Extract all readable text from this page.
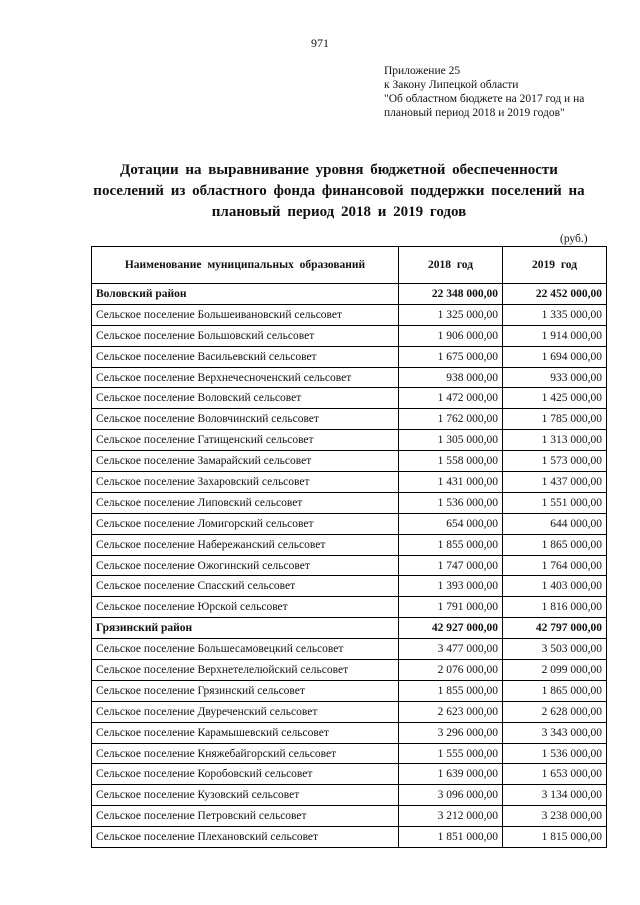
971
Приложение 25
к Закону Липецкой области
"Об областном бюджете на 2017 год и на
плановый период 2018 и 2019 годов"
Дотации на выравнивание уровня бюджетной обеспеченности
поселений из областного фонда финансовой поддержки поселений на
плановый период 2018 и 2019 годов
(руб.)
Наименование муниципальных образований	2018 год	2019 год
Воловский район	22 348 000,00	22 452 000,00
Сельское поселение Большеивановский сельсовет	1 325 000,00	1 335 000,00
Сельское поселение Большовский сельсовет	1 906 000,00	1 914 000,00
Сельское поселение Васильевский сельсовет	1 675 000,00	1 694 000,00
Сельское поселение Верхнечесноченский сельсовет	938 000,00	933 000,00
Сельское поселение Воловский сельсовет	1 472 000,00	1 425 000,00
Сельское поселение Воловчинский сельсовет	1 762 000,00	1 785 000,00
Сельское поселение Гатищенский сельсовет	1 305 000,00	1 313 000,00
Сельское поселение Замарайский сельсовет	1 558 000,00	1 573 000,00
Сельское поселение Захаровский сельсовет	1 431 000,00	1 437 000,00
Сельское поселение Липовский сельсовет	1 536 000,00	1 551 000,00
Сельское поселение Ломигорский сельсовет	654 000,00	644 000,00
Сельское поселение Набережанский сельсовет	1 855 000,00	1 865 000,00
Сельское поселение Ожогинский сельсовет	1 747 000,00	1 764 000,00
Сельское поселение Спасский сельсовет	1 393 000,00	1 403 000,00
Сельское поселение Юрской сельсовет	1 791 000,00	1 816 000,00
Грязинский район	42 927 000,00	42 797 000,00
Сельское поселение Большесамовецкий сельсовет	3 477 000,00	3 503 000,00
Сельское поселение Верхнетелелюйский сельсовет	2 076 000,00	2 099 000,00
Сельское поселение Грязинский сельсовет	1 855 000,00	1 865 000,00
Сельское поселение Двуреченский сельсовет	2 623 000,00	2 628 000,00
Сельское поселение Карамышевский сельсовет	3 296 000,00	3 343 000,00
Сельское поселение Княжебайгорский сельсовет	1 555 000,00	1 536 000,00
Сельское поселение Коробовский сельсовет	1 639 000,00	1 653 000,00
Сельское поселение Кузовский сельсовет	3 096 000,00	3 134 000,00
Сельское поселение Петровский сельсовет	3 212 000,00	3 238 000,00
Сельское поселение Плехановский сельсовет	1 851 000,00	1 815 000,00
